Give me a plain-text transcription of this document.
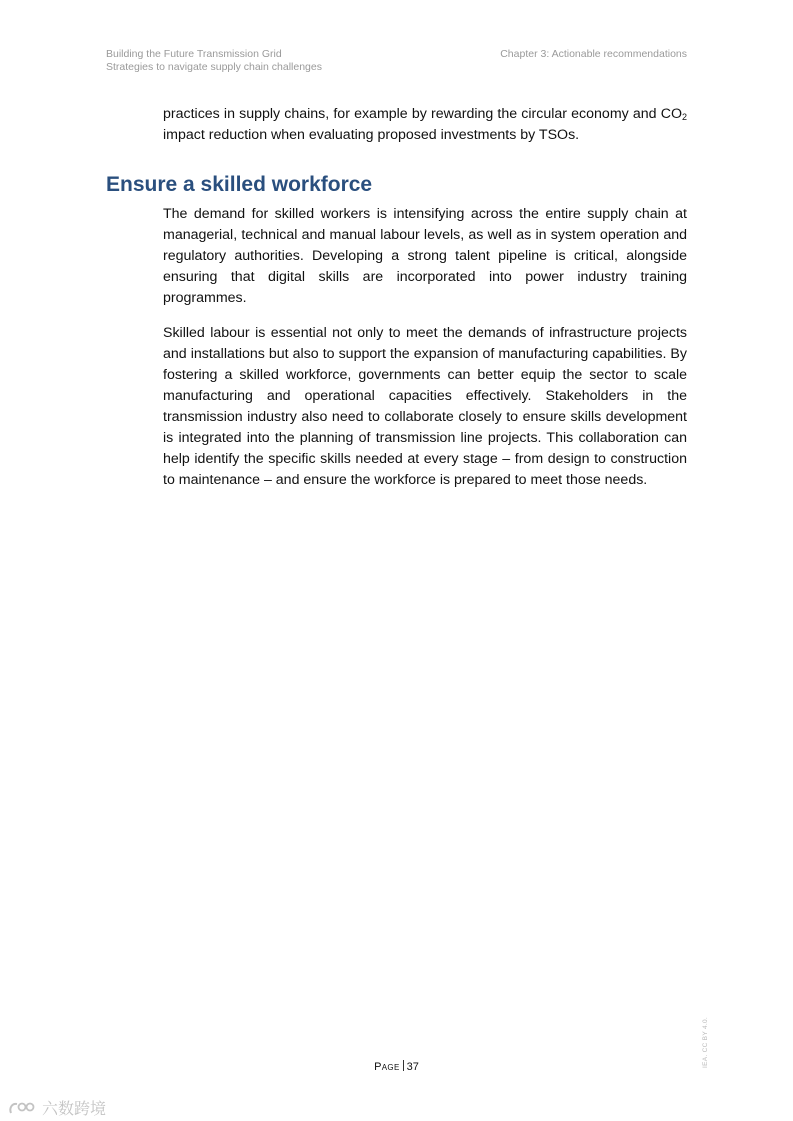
Building the Future Transmission Grid
Strategies to navigate supply chain challenges
Chapter 3: Actionable recommendations

practices in supply chains, for example by rewarding the circular economy and $CO_2$ impact reduction when evaluating proposed investments by TSOs.

Ensure a skilled workforce

The demand for skilled workers is intensifying across the entire supply chain at managerial, technical and manual labour levels, as well as in system operation and regulatory authorities. Developing a strong talent pipeline is critical, alongside ensuring that digital skills are incorporated into power industry training programmes.

Skilled labour is essential not only to meet the demands of infrastructure projects and installations but also to support the expansion of manufacturing capabilities. By fostering a skilled workforce, governments can better equip the sector to scale manufacturing and operational capacities effectively. Stakeholders in the transmission industry also need to collaborate closely to ensure skills development is integrated into the planning of transmission line projects. This collaboration can help identify the specific skills needed at every stage – from design to construction to maintenance – and ensure the workforce is prepared to meet those needs.

Page 37	IEA. CC BY 4.0.
六数跨境
